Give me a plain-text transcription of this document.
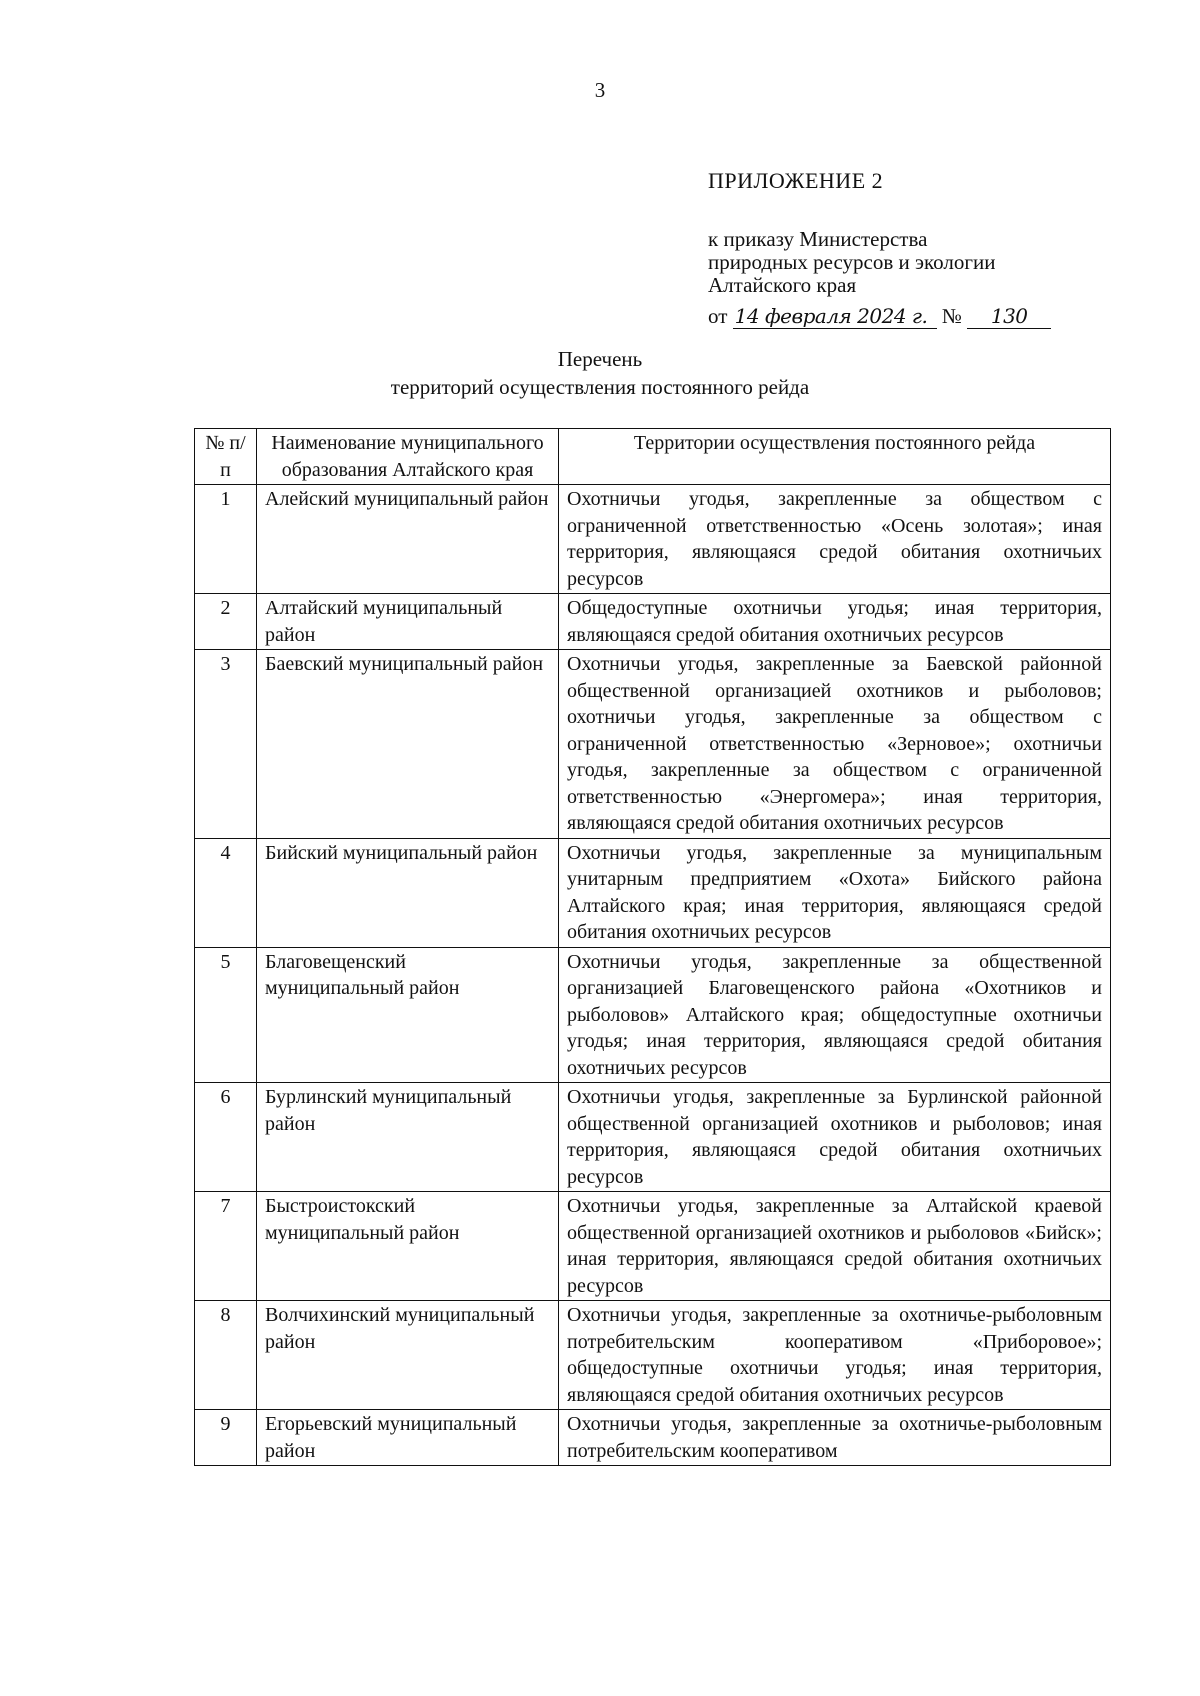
3

ПРИЛОЖЕНИЕ 2

к приказу Министерства

природных ресурсов и экологии

Алтайского края

от 14 февраля 2024 г. № 130
Перечень
территорий осуществления постоянного рейда
№ п/п	Наименование муниципального образования Алтайского края	Территории осуществления постоянного рейда
1	Алейский муниципальный район	Охотничьи угодья, закрепленные за обществом с ограниченной ответственностью «Осень золотая»; иная территория, являющаяся средой обитания охотничьих ресурсов
2	Алтайский муниципальный район	Общедоступные охотничьи угодья; иная территория, являющаяся средой обитания охотничьих ресурсов
3	Баевский муниципальный район	Охотничьи угодья, закрепленные за Баевской районной общественной организацией охотников и рыболовов; охотничьи угодья, закрепленные за обществом с ограниченной ответственностью «Зерновое»; охотничьи угодья, закрепленные за обществом с ограниченной ответственностью «Энергомера»; иная территория, являющаяся средой обитания охотничьих ресурсов
4	Бийский муниципальный район	Охотничьи угодья, закрепленные за муниципальным унитарным предприятием «Охота» Бийского района Алтайского края; иная территория, являющаяся средой обитания охотничьих ресурсов
5	Благовещенский муниципальный район	Охотничьи угодья, закрепленные за общественной организацией Благовещенского района «Охотников и рыболовов» Алтайского края; общедоступные охотничьи угодья; иная территория, являющаяся средой обитания охотничьих ресурсов
6	Бурлинский муниципальный район	Охотничьи угодья, закрепленные за Бурлинской районной общественной организацией охотников и рыболовов; иная территория, являющаяся средой обитания охотничьих ресурсов
7	Быстроистокский муниципальный район	Охотничьи угодья, закрепленные за Алтайской краевой общественной организацией охотников и рыболовов «Бийск»; иная территория, являющаяся средой обитания охотничьих ресурсов
8	Волчихинский муниципальный район	Охотничьи угодья, закрепленные за охотничье-рыболовным потребительским кооперативом «Приборовое»; общедоступные охотничьи угодья; иная территория, являющаяся средой обитания охотничьих ресурсов
9	Егорьевский муниципальный район	Охотничьи угодья, закрепленные за охотничье-рыболовным потребительским кооперативом
